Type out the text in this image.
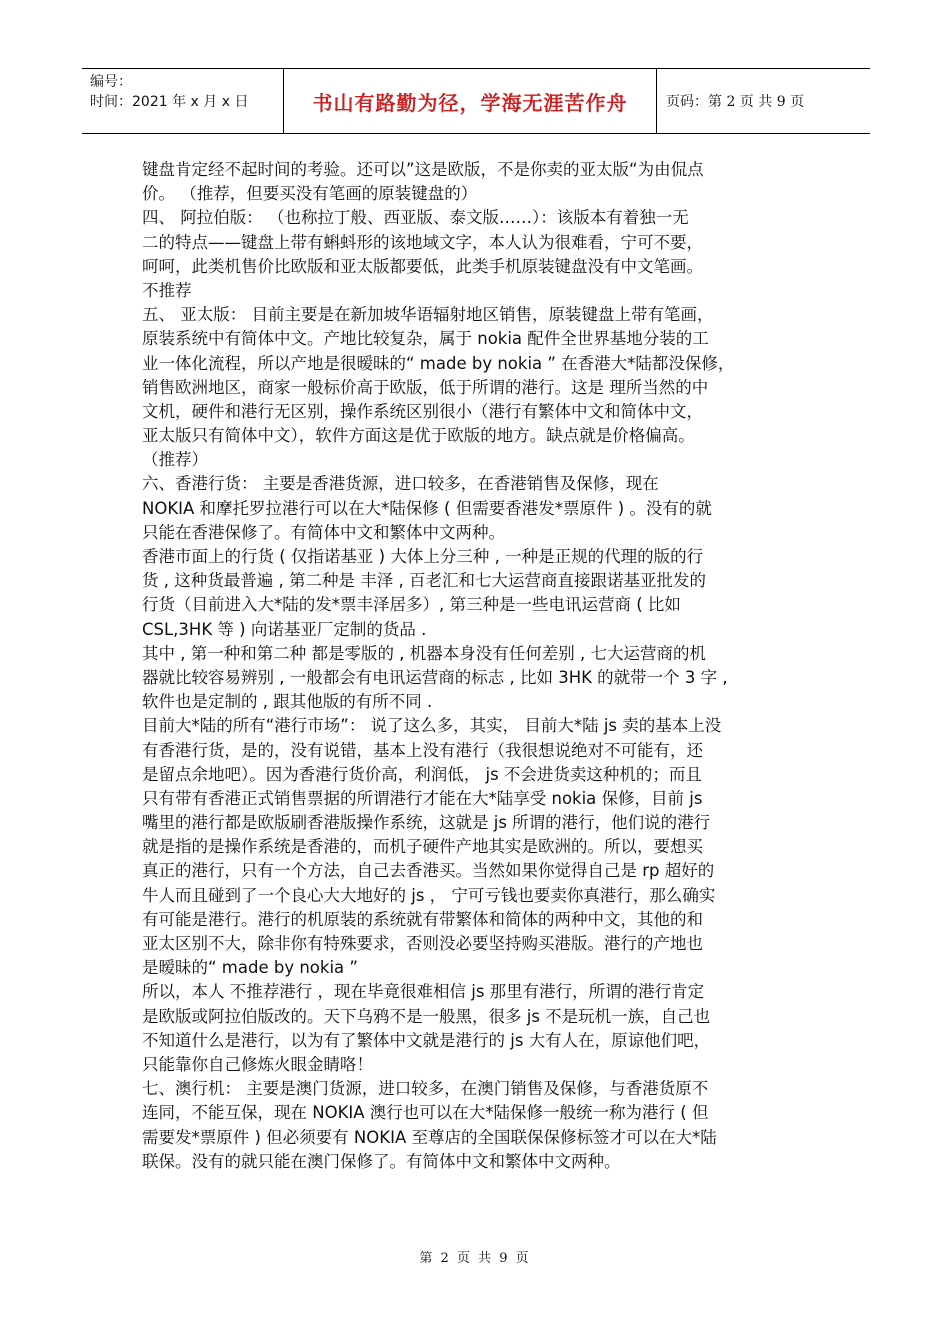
编号：
时间：2021 年 x 月 x 日	书山有路勤为径，学海无涯苦作舟	页码：第 2 页 共 9 页
键盘肯定经不起时间的考验。还可以”这是欧版，不是你卖的亚太版“为由侃点
价。 （推荐，但要买没有笔画的原装键盘的）
四、 阿拉伯版： （也称拉丁般、西亚版、泰文版……）：该版本有着独一无
二的特点——键盘上带有蝌蚪形的该地域文字，本人认为很难看，宁可不要，
呵呵，此类机售价比欧版和亚太版都要低，此类手机原装键盘没有中文笔画。
不推荐
五、 亚太版： 目前主要是在新加坡华语辐射地区销售，原装键盘上带有笔画，
原装系统中有简体中文。产地比较复杂，属于 nokia 配件全世界基地分装的工
业一体化流程，所以产地是很暧昧的“ made by nokia ” 在香港大*陆都没保修，
销售欧洲地区，商家一般标价高于欧版，低于所谓的港行。这是 理所当然的中
文机，硬件和港行无区别，操作系统区别很小（港行有繁体中文和简体中文，
亚太版只有简体中文），软件方面这是优于欧版的地方。缺点就是价格偏高。
（推荐）
六、香港行货： 主要是香港货源，进口较多，在香港销售及保修，现在
NOKIA 和摩托罗拉港行可以在大*陆保修 ( 但需要香港发*票原件 ) 。没有的就
只能在香港保修了。有简体中文和繁体中文两种。
香港市面上的行货 ( 仅指诺基亚 ) 大体上分三种 , 一种是正规的代理的版的行
货 , 这种货最普遍 , 第二种是 丰泽 , 百老汇和七大运营商直接跟诺基亚批发的
行货（目前进入大*陆的发*票丰泽居多）, 第三种是一些电讯运营商 ( 比如
CSL,3HK 等 ) 向诺基亚厂定制的货品 .
其中 , 第一种和第二种 都是零版的 , 机器本身没有任何差别 , 七大运营商的机
器就比较容易辨别 , 一般都会有电讯运营商的标志 , 比如 3HK 的就带一个 3 字 ,
软件也是定制的 , 跟其他版的有所不同 .
目前大*陆的所有“港行市场”： 说了这么多，其实， 目前大*陆 js 卖的基本上没
有香港行货，是的，没有说错，基本上没有港行（我很想说绝对不可能有，还
是留点余地吧）。因为香港行货价高，利润低， js 不会进货卖这种机的；而且
只有带有香港正式销售票据的所谓港行才能在大*陆享受 nokia 保修，目前 js
嘴里的港行都是欧版刷香港版操作系统，这就是 js 所谓的港行，他们说的港行
就是指的是操作系统是香港的，而机子硬件产地其实是欧洲的。所以，要想买
真正的港行，只有一个方法，自己去香港买。当然如果你觉得自己是 rp 超好的
牛人而且碰到了一个良心大大地好的 js ， 宁可亏钱也要卖你真港行，那么确实
有可能是港行。港行的机原装的系统就有带繁体和简体的两种中文，其他的和
亚太区别不大，除非你有特殊要求，否则没必要坚持购买港版。港行的产地也
是暧昧的“ made by nokia ”
所以，本人 不推荐港行 ，现在毕竟很难相信 js 那里有港行，所谓的港行肯定
是欧版或阿拉伯版改的。天下乌鸦不是一般黑，很多 js 不是玩机一族，自己也
不知道什么是港行，以为有了繁体中文就是港行的 js 大有人在，原谅他们吧，
只能靠你自己修炼火眼金睛咯！
七、澳行机： 主要是澳门货源，进口较多，在澳门销售及保修，与香港货原不
连同，不能互保，现在 NOKIA 澳行也可以在大*陆保修一般统一称为港行 ( 但
需要发*票原件 ) 但必须要有 NOKIA 至尊店的全国联保保修标签才可以在大*陆
联保。没有的就只能在澳门保修了。有简体中文和繁体中文两种。
第 2 页 共 9 页
